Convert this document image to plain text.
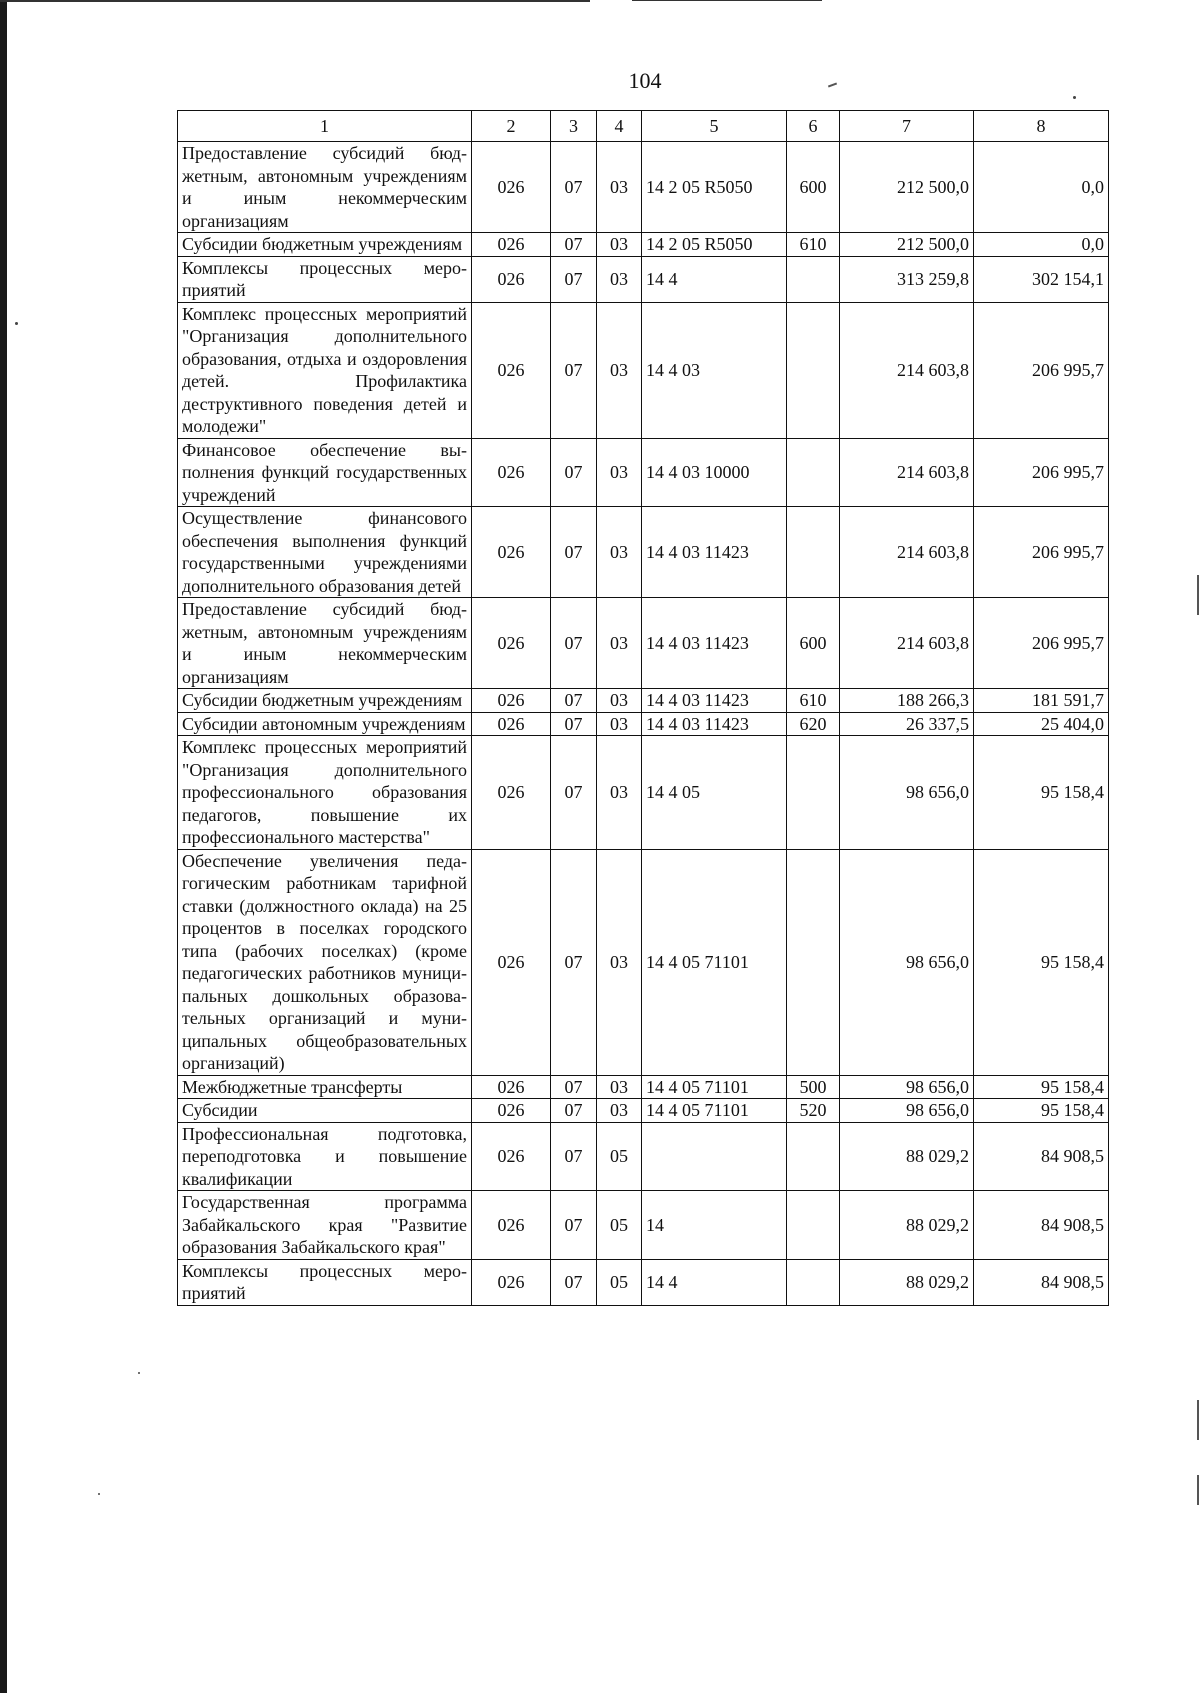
104
1	2	3	4	5	6	7	8
Предоставление субсидий бюджетным, автономным учреждениям и иным некоммерческим организациям	026	07	03	14 2 05 R5050	600	212 500,0	0,0
Субсидии бюджетным учреждениям	026	07	03	14 2 05 R5050	610	212 500,0	0,0
Комплексы процессных мероприятий	026	07	03	14 4		313 259,8	302 154,1
Комплекс процессных мероприятий "Организация дополнительного образования, отдыха и оздоровления детей. Профилактика деструктивного поведения детей и молодежи"	026	07	03	14 4 03		214 603,8	206 995,7
Финансовое обеспечение выполнения функций государственных учреждений	026	07	03	14 4 03 10000		214 603,8	206 995,7
Осуществление финансового обеспечения выполнения функций государственными учреждениями дополнительного образования детей	026	07	03	14 4 03 11423		214 603,8	206 995,7
Предоставление субсидий бюджетным, автономным учреждениям и иным некоммерческим организациям	026	07	03	14 4 03 11423	600	214 603,8	206 995,7
Субсидии бюджетным учреждениям	026	07	03	14 4 03 11423	610	188 266,3	181 591,7
Субсидии автономным учреждениям	026	07	03	14 4 03 11423	620	26 337,5	25 404,0
Комплекс процессных мероприятий "Организация дополнительного профессионального образования педагогов, повышение их профессионального мастерства"	026	07	03	14 4 05		98 656,0	95 158,4
Обеспечение увеличения педагогическим работникам тарифной ставки (должностного оклада) на 25 процентов в поселках городского типа (рабочих поселках) (кроме педагогических работников муниципальных дошкольных образовательных организаций и муниципальных общеобразовательных организаций)	026	07	03	14 4 05 71101		98 656,0	95 158,4
Межбюджетные трансферты	026	07	03	14 4 05 71101	500	98 656,0	95 158,4
Субсидии	026	07	03	14 4 05 71101	520	98 656,0	95 158,4
Профессиональная подготовка, переподготовка и повышение квалификации	026	07	05			88 029,2	84 908,5
Государственная программа Забайкальского края "Развитие образования Забайкальского края"	026	07	05	14		88 029,2	84 908,5
Комплексы процессных мероприятий	026	07	05	14 4		88 029,2	84 908,5
